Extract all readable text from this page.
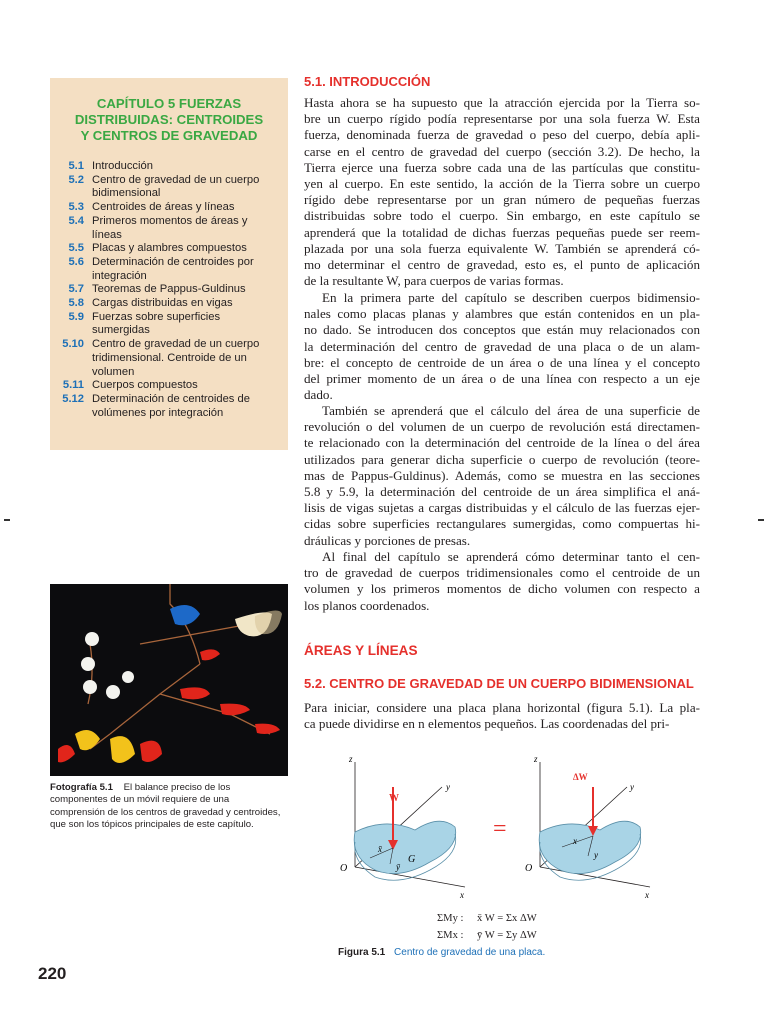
CAPÍTULO 5 FUERZAS
DISTRIBUIDAS: CENTROIDES
Y CENTROS DE GRAVEDAD
5.1 Introducción
5.2 Centro de gravedad de un cuerpo bidimensional
5.3 Centroides de áreas y líneas
5.4 Primeros momentos de áreas y líneas
5.5 Placas y alambres compuestos
5.6 Determinación de centroides por integración
5.7 Teoremas de Pappus-Guldinus
5.8 Cargas distribuidas en vigas
5.9 Fuerzas sobre superficies sumergidas
5.10 Centro de gravedad de un cuerpo tridimensional. Centroide de un volumen
5.11 Cuerpos compuestos
5.12 Determinación de centroides de volúmenes por integración
Fotografía 5.1 El balance preciso de los componentes de un móvil requiere de una comprensión de los centros de gravedad y centroides, que son los tópicos principales de este capítulo.
220
5.1. INTRODUCCIÓN
Hasta ahora se ha supuesto que la atracción ejercida por la Tierra so-
bre un cuerpo rígido podía representarse por una sola fuerza W. Esta
fuerza, denominada fuerza de gravedad o peso del cuerpo, debía apli-
carse en el centro de gravedad del cuerpo (sección 3.2). De hecho, la
Tierra ejerce una fuerza sobre cada una de las partículas que constitu-
yen al cuerpo. En este sentido, la acción de la Tierra sobre un cuerpo
rígido debe representarse por un gran número de pequeñas fuerzas
distribuidas sobre todo el cuerpo. Sin embargo, en este capítulo se
aprenderá que la totalidad de dichas fuerzas pequeñas puede ser reem-
plazada por una sola fuerza equivalente W. También se aprenderá có-
mo determinar el centro de gravedad, esto es, el punto de aplicación
de la resultante W, para cuerpos de varias formas.
En la primera parte del capítulo se describen cuerpos bidimensio-
nales como placas planas y alambres que están contenidos en un pla-
no dado. Se introducen dos conceptos que están muy relacionados con
la determinación del centro de gravedad de una placa o de un alam-
bre: el concepto de centroide de un área o de una línea y el concepto
del primer momento de un área o de una línea con respecto a un eje
dado.
También se aprenderá que el cálculo del área de una superficie de
revolución o del volumen de un cuerpo de revolución está directamen-
te relacionado con la determinación del centroide de la línea o del área
utilizados para generar dicha superficie o cuerpo de revolución (teore-
mas de Pappus-Guldinus). Además, como se muestra en las secciones
5.8 y 5.9, la determinación del centroide de un área simplifica el aná-
lisis de vigas sujetas a cargas distribuidas y el cálculo de las fuerzas ejer-
cidas sobre superficies rectangulares sumergidas, como compuertas hi-
dráulicas y porciones de presas.
Al final del capítulo se aprenderá cómo determinar tanto el cen-
tro de gravedad de cuerpos tridimensionales como el centroide de un
volumen y los primeros momentos de dicho volumen con respecto a
los planos coordenados.
ÁREAS Y LÍNEAS
5.2. CENTRO DE GRAVEDAD DE UN CUERPO BIDIMENSIONAL
Para iniciar, considere una placa plana horizontal (figura 5.1). La pla-
ca puede dividirse en n elementos pequeños. Las coordenadas del pri-
W
G
x̄
ȳ
z
y
x
O
=
ΔW
x
y
z
y
x
O
ΣMy :	x̄ W = Σx ΔW
ΣMx :	ȳ W = Σy ΔW
Figura 5.1 Centro de gravedad de una placa.
